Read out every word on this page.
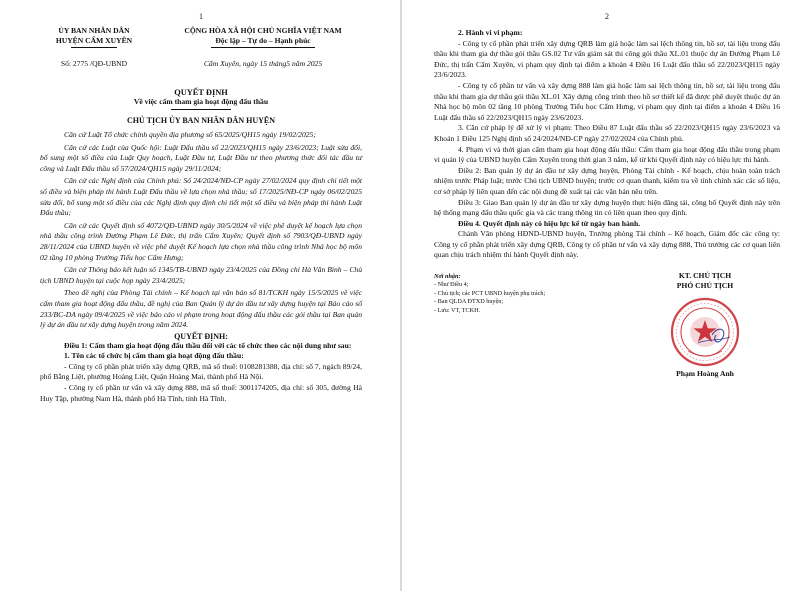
1
ỦY BAN NHÂN DÂN
HUYỆN CẨM XUYÊN
Số: 2775 /QĐ-UBND
CỘNG HÒA XÃ HỘI CHỦ NGHĨA VIỆT NAM
Độc lập – Tự do – Hạnh phúc
Cẩm Xuyên, ngày 15 tháng5 năm 2025
QUYẾT ĐỊNH
Về việc cấm tham gia hoạt động đấu thầu
CHỦ TỊCH ỦY BAN NHÂN DÂN HUYỆN

Căn cứ Luật Tổ chức chính quyền địa phương số 65/2025/QH15 ngày 19/02/2025;

Căn cứ các Luật của Quốc hội: Luật Đấu thầu số 22/2023/QH15 ngày 23/6/2023; Luật sửa đổi, bổ sung một số điều của Luật Quy hoạch, Luật Đầu tư, Luật Đầu tư theo phương thức đối tác đầu tư công và Luật Đấu thầu số 57/2024/QH15 ngày 29/11/2024;

Căn cứ các Nghị định của Chính phủ: Số 24/2024/NĐ-CP ngày 27/02/2024 quy định chi tiết một số điều và biện pháp thi hành Luật Đấu thầu về lựa chọn nhà thầu; số 17/2025/NĐ-CP ngày 06/02/2025 sửa đổi, bổ sung một số điều của các Nghị định quy định chi tiết một số điều và biện pháp thi hành Luật Đấu thầu;

Căn cứ các Quyết định số 4072/QĐ-UBND ngày 30/5/2024 về việc phê duyệt kế hoạch lựa chọn nhà thầu công trình Đường Phạm Lê Đức, thị trấn Cẩm Xuyên; Quyết định số 7903/QĐ-UBND ngày 28/11/2024 của UBND huyện về việc phê duyệt Kế hoạch lựa chọn nhà thầu công trình Nhà học bộ môn 02 tầng 10 phòng Trường Tiểu học Cẩm Hưng;

Căn cứ Thông báo kết luận số 1345/TB-UBND ngày 23/4/2025 của Đồng chí Hà Văn Bình – Chủ tịch UBND huyện tại cuộc họp ngày 23/4/2025;

Theo đề nghị của Phòng Tài chính – Kế hoạch tại văn bản số 81/TCKH ngày 15/5/2025 về việc cấm tham gia hoạt động đấu thầu, đề nghị của Ban Quản lý dự án đầu tư xây dựng huyện tại Báo cáo số 233/BC-DA ngày 09/4/2025 về việc báo cáo vi phạm trong hoạt động đấu thầu các gói thầu tại Ban quản lý dự án đầu tư xây dựng huyện trong năm 2024.

QUYẾT ĐỊNH:

Điều 1: Cấm tham gia hoạt động đấu thầu đối với các tổ chức theo các nội dung như sau:

1. Tên các tổ chức bị cấm tham gia hoạt động đấu thầu:

- Công ty cổ phần phát triển xây dựng QRB, mã số thuế: 0108281388, địa chỉ: số 7, ngách 89/24, phố Bằng Liệt, phường Hoàng Liệt, Quận Hoàng Mai, thành phố Hà Nội.

- Công ty cổ phần tư vấn và xây dựng 888, mã số thuế: 3001174205, địa chỉ: số 305, đường Hà Huy Tập, phường Nam Hà, thành phố Hà Tĩnh, tỉnh Hà Tĩnh.

2

2. Hành vi vi phạm:

- Công ty cổ phần phát triển xây dựng QRB làm giả hoặc làm sai lệch thông tin, hồ sơ, tài liệu trong đấu thầu khi tham gia dự thầu gói thầu GS.02 Tư vấn giám sát thi công gói thầu XL.01 thuộc dự án Đường Phạm Lê Đức, thị trấn Cẩm Xuyên, vi phạm quy định tại điểm a khoản 4 Điều 16 Luật đấu thầu số 22/2023/QH15 ngày 23/6/2023.

- Công ty cổ phần tư vấn và xây dựng 888 làm giả hoặc làm sai lệch thông tin, hồ sơ, tài liệu trong đấu thầu khi tham gia dự thầu gói thầu XL.01 Xây dựng công trình theo hồ sơ thiết kế đã được phê duyệt thuộc dự án Nhà học bộ môn 02 tầng 10 phòng Trường Tiểu học Cẩm Hưng, vi phạm quy định tại điểm a khoản 4 Điều 16 Luật đấu thầu số 22/2023/QH15 ngày 23/6/2023.

3. Căn cứ pháp lý để xử lý vi phạm: Theo Điều 87 Luật đấu thầu số 22/2023/QH15 ngày 23/6/2023 và Khoản 1 Điều 125 Nghị định số 24/2024/NĐ-CP ngày 27/02/2024 của Chính phủ.

4. Phạm vi và thời gian cấm tham gia hoạt động đấu thầu: Cấm tham gia hoạt động đấu thầu trong phạm vi quản lý của UBND huyện Cẩm Xuyên trong thời gian 3 năm, kể từ khi Quyết định này có hiệu lực thi hành.

Điều 2: Ban quản lý dự án đầu tư xây dựng huyện, Phòng Tài chính - Kế hoạch, chịu hoàn toàn trách nhiệm trước Pháp luật; trước Chủ tịch UBND huyện; trước cơ quan thanh, kiểm tra về tính chính xác các số liệu, cơ sở pháp lý liên quan đến các nội dung đề xuất tại các văn bản nêu trên.

Điều 3: Giao Ban quản lý dự án đầu tư xây dựng huyện thực hiện đăng tải, công bố Quyết định này trên hệ thống mạng đấu thầu quốc gia và các trang thông tin có liên quan theo quy định.

Điều 4. Quyết định này có hiệu lực kể từ ngày ban hành.

Chánh Văn phòng HĐND-UBND huyện, Trưởng phòng Tài chính – Kế hoạch, Giám đốc các công ty: Công ty cổ phần phát triển xây dựng QRB, Công ty cổ phần tư vấn và xây dựng 888, Thủ trưởng các cơ quan liên quan chịu trách nhiệm thi hành Quyết định này.

Nơi nhận:
- Như Điều 4;
- Chủ tịch; các PCT UBND huyện phụ trách;
- Ban QLDA ĐTXD huyện;
- Lưu: VT, TCKH.
KT. CHỦ TỊCH
PHÓ CHỦ TỊCH
Phạm Hoàng Anh
